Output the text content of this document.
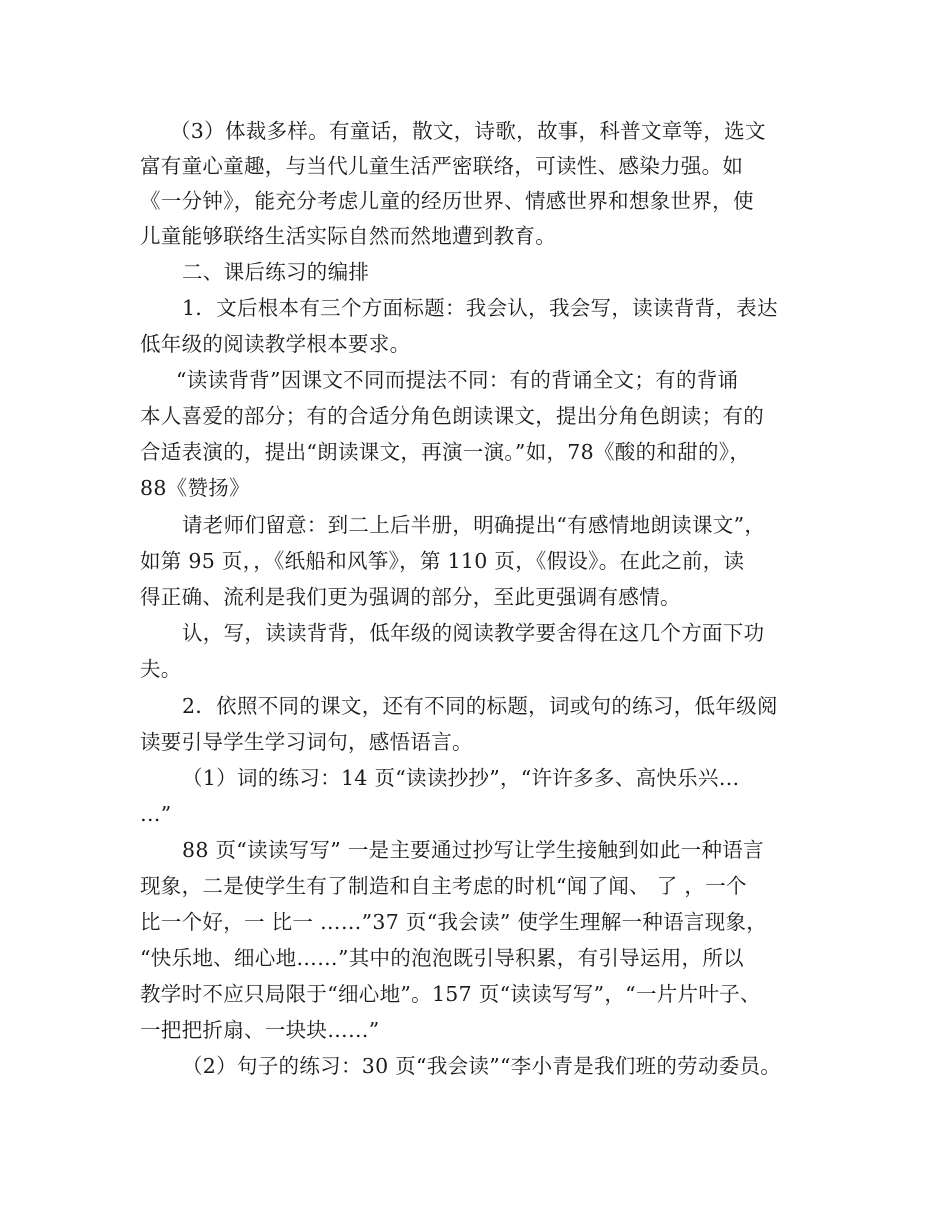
（3）体裁多样。有童话，散文，诗歌，故事，科普文章等，选文
富有童心童趣，与当代儿童生活严密联络，可读性、感染力强。如
《一分钟》，能充分考虑儿童的经历世界、情感世界和想象世界，使
儿童能够联络生活实际自然而然地遭到教育。
二、课后练习的编排
1．文后根本有三个方面标题：我会认，我会写，读读背背，表达
低年级的阅读教学根本要求。
“读读背背”因课文不同而提法不同：有的背诵全文；有的背诵
本人喜爱的部分；有的合适分角色朗读课文，提出分角色朗读；有的
合适表演的，提出“朗读课文，再演一演。”如，78《酸的和甜的》，
88《赞扬》
请老师们留意：到二上后半册，明确提出“有感情地朗读课文”，
如第 95 页，，《纸船和风筝》，第 110 页，《假设》。在此之前，读
得正确、流利是我们更为强调的部分，至此更强调有感情。
认，写，读读背背，低年级的阅读教学要舍得在这几个方面下功
夫。
2．依照不同的课文，还有不同的标题，词或句的练习，低年级阅
读要引导学生学习词句，感悟语言。
（1）词的练习：14 页“读读抄抄”，“许许多多、高快乐兴…
…”
88 页“读读写写” 一是主要通过抄写让学生接触到如此一种语言
现象，二是使学生有了制造和自主考虑的时机“闻了闻、 了 ，一个
比一个好，一 比一 ……”37 页“我会读” 使学生理解一种语言现象，
“快乐地、细心地……”其中的泡泡既引导积累，有引导运用，所以
教学时不应只局限于“细心地”。157 页“读读写写”，“一片片叶子、
一把把折扇、一块块……”
（2）句子的练习：30 页“我会读”“李小青是我们班的劳动委员。
